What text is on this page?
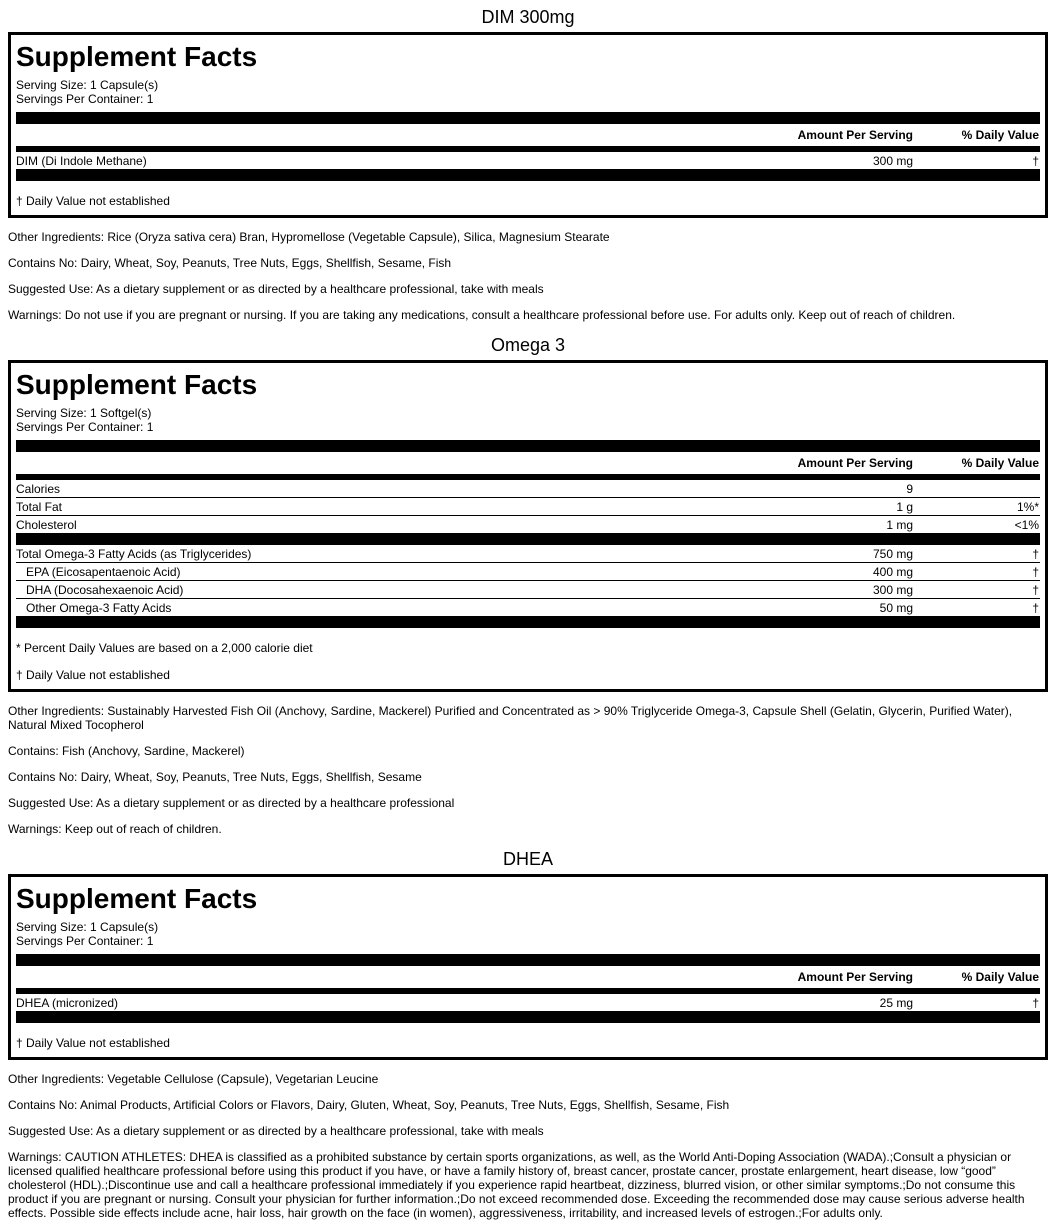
DIM 300mg
Supplement Facts

Serving Size: 1 Capsule(s)

Servings Per Container: 1

	Amount Per Serving	% Daily Value
DIM (Di Indole Methane)	300 mg	†

† Daily Value not established

Other Ingredients: Rice (Oryza sativa cera) Bran, Hypromellose (Vegetable Capsule), Silica, Magnesium Stearate

Contains No: Dairy, Wheat, Soy, Peanuts, Tree Nuts, Eggs, Shellfish, Sesame, Fish

Suggested Use: As a dietary supplement or as directed by a healthcare professional, take with meals

Warnings: Do not use if you are pregnant or nursing. If you are taking any medications, consult a healthcare professional before use. For adults only. Keep out of reach of children.

Omega 3
Supplement Facts

Serving Size: 1 Softgel(s)

Servings Per Container: 1

	Amount Per Serving	% Daily Value
Calories	9	
Total Fat	1 g	1%*
Cholesterol	1 mg	<1%

Total Omega-3 Fatty Acids (as Triglycerides)	750 mg	†
EPA (Eicosapentaenoic Acid)	400 mg	†
DHA (Docosahexaenoic Acid)	300 mg	†
Other Omega-3 Fatty Acids	50 mg	†

* Percent Daily Values are based on a 2,000 calorie diet

† Daily Value not established

Other Ingredients: Sustainably Harvested Fish Oil (Anchovy, Sardine, Mackerel) Purified and Concentrated as > 90% Triglyceride Omega-3, Capsule Shell (Gelatin, Glycerin, Purified Water), Natural Mixed Tocopherol

Contains: Fish (Anchovy, Sardine, Mackerel)

Contains No: Dairy, Wheat, Soy, Peanuts, Tree Nuts, Eggs, Shellfish, Sesame

Suggested Use: As a dietary supplement or as directed by a healthcare professional

Warnings: Keep out of reach of children.

DHEA
Supplement Facts

Serving Size: 1 Capsule(s)

Servings Per Container: 1

	Amount Per Serving	% Daily Value
DHEA (micronized)	25 mg	†

† Daily Value not established

Other Ingredients: Vegetable Cellulose (Capsule), Vegetarian Leucine

Contains No: Animal Products, Artificial Colors or Flavors, Dairy, Gluten, Wheat, Soy, Peanuts, Tree Nuts, Eggs, Shellfish, Sesame, Fish

Suggested Use: As a dietary supplement or as directed by a healthcare professional, take with meals

Warnings: CAUTION ATHLETES: DHEA is classified as a prohibited substance by certain sports organizations, as well, as the World Anti-Doping Association (WADA).;Consult a physician or licensed qualified healthcare professional before using this product if you have, or have a family history of, breast cancer, prostate cancer, prostate enlargement, heart disease, low “good” cholesterol (HDL).;Discontinue use and call a healthcare professional immediately if you experience rapid heartbeat, dizziness, blurred vision, or other similar symptoms.;Do not consume this product if you are pregnant or nursing. Consult your physician for further information.;Do not exceed recommended dose. Exceeding the recommended dose may cause serious adverse health effects. Possible side effects include acne, hair loss, hair growth on the face (in women), aggressiveness, irritability, and increased levels of estrogen.;For adults only.
